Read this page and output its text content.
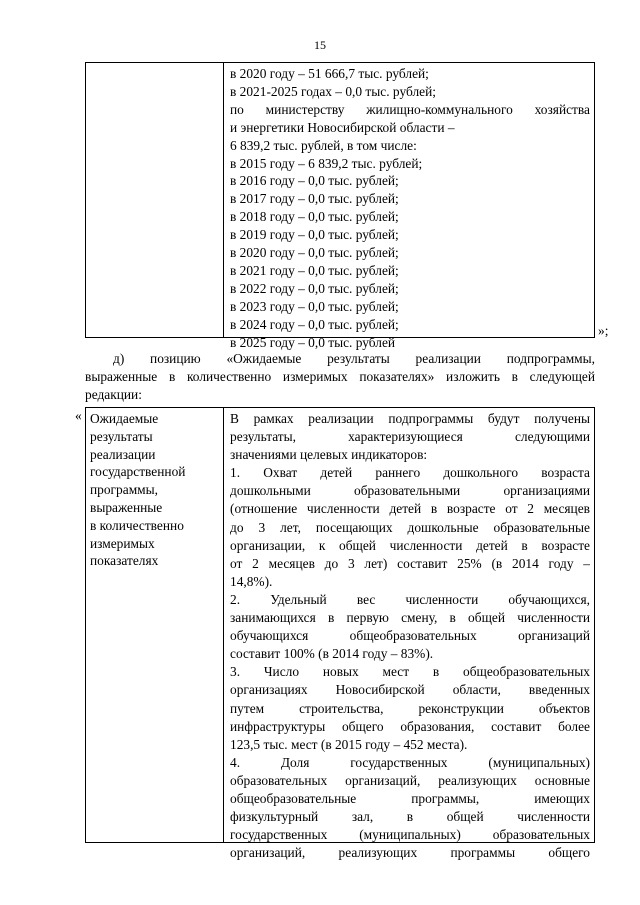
15
в 2020 году – 51 666,7 тыс. рублей;
в 2021-2025 годах – 0,0 тыс. рублей;
по министерству жилищно-коммунального хозяйства
и энергетики Новосибирской области –
6 839,2 тыс. рублей, в том числе:
в 2015 году – 6 839,2 тыс. рублей;
в 2016 году – 0,0 тыс. рублей;
в 2017 году – 0,0 тыс. рублей;
в 2018 году – 0,0 тыс. рублей;
в 2019 году – 0,0 тыс. рублей;
в 2020 году – 0,0 тыс. рублей;
в 2021 году – 0,0 тыс. рублей;
в 2022 году – 0,0 тыс. рублей;
в 2023 году – 0,0 тыс. рублей;
в 2024 году – 0,0 тыс. рублей;
в 2025 году – 0,0 тыс. рублей
»;
д) позицию «Ожидаемые результаты реализации подпрограммы,
выраженные в количественно измеримых показателях» изложить в следующей
редакции:
« Ожидаемые
результаты
реализации
государственной
программы,
выраженные
в количественно
измеримых
показателях
В рамках реализации подпрограммы будут получены
результаты, характеризующиеся следующими
значениями целевых индикаторов:
1. Охват детей раннего дошкольного возраста
дошкольными образовательными организациями
(отношение численности детей в возрасте от 2 месяцев
до 3 лет, посещающих дошкольные образовательные
организации, к общей численности детей в возрасте
от 2 месяцев до 3 лет) составит 25% (в 2014 году –
14,8%).
2. Удельный вес численности обучающихся,
занимающихся в первую смену, в общей численности
обучающихся общеобразовательных организаций
составит 100% (в 2014 году – 83%).
3. Число новых мест в общеобразовательных
организациях Новосибирской области, введенных
путем строительства, реконструкции объектов
инфраструктуры общего образования, составит более
123,5 тыс. мест (в 2015 году – 452 места).
4. Доля государственных (муниципальных)
образовательных организаций, реализующих основные
общеобразовательные программы, имеющих
физкультурный зал, в общей численности
государственных (муниципальных) образовательных
организаций, реализующих программы общего
